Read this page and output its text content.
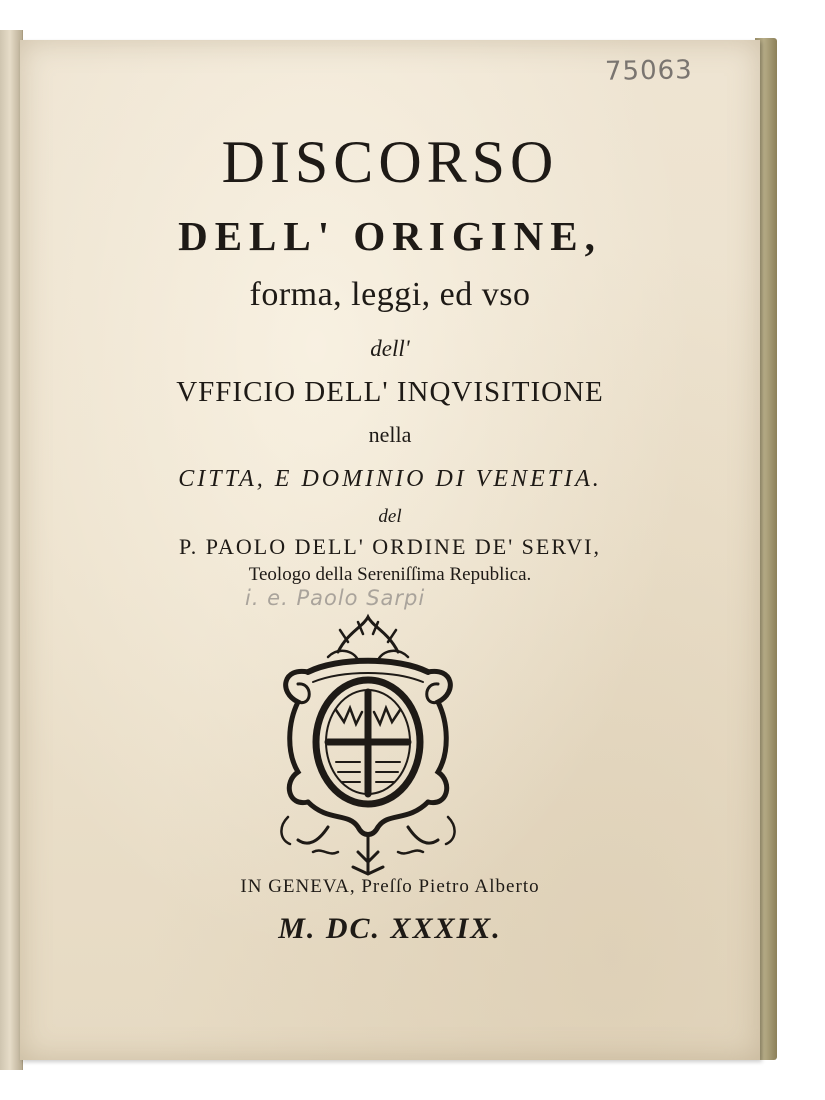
75063
DISCORSO
DELL' ORIGINE,
forma, leggi, ed vso
dell'
VFFICIO DELL' INQVISITIONE
nella
CITTA, E DOMINIO DI VENETIA.
del
P. PAOLO DELL' ORDINE DE' SERVI,
Teologo della Sereniſſima Republica.
i. e. Paolo Sarpi
IN GENEVA, Preſſo Pietro Alberto
M. DC. XXXIX.
